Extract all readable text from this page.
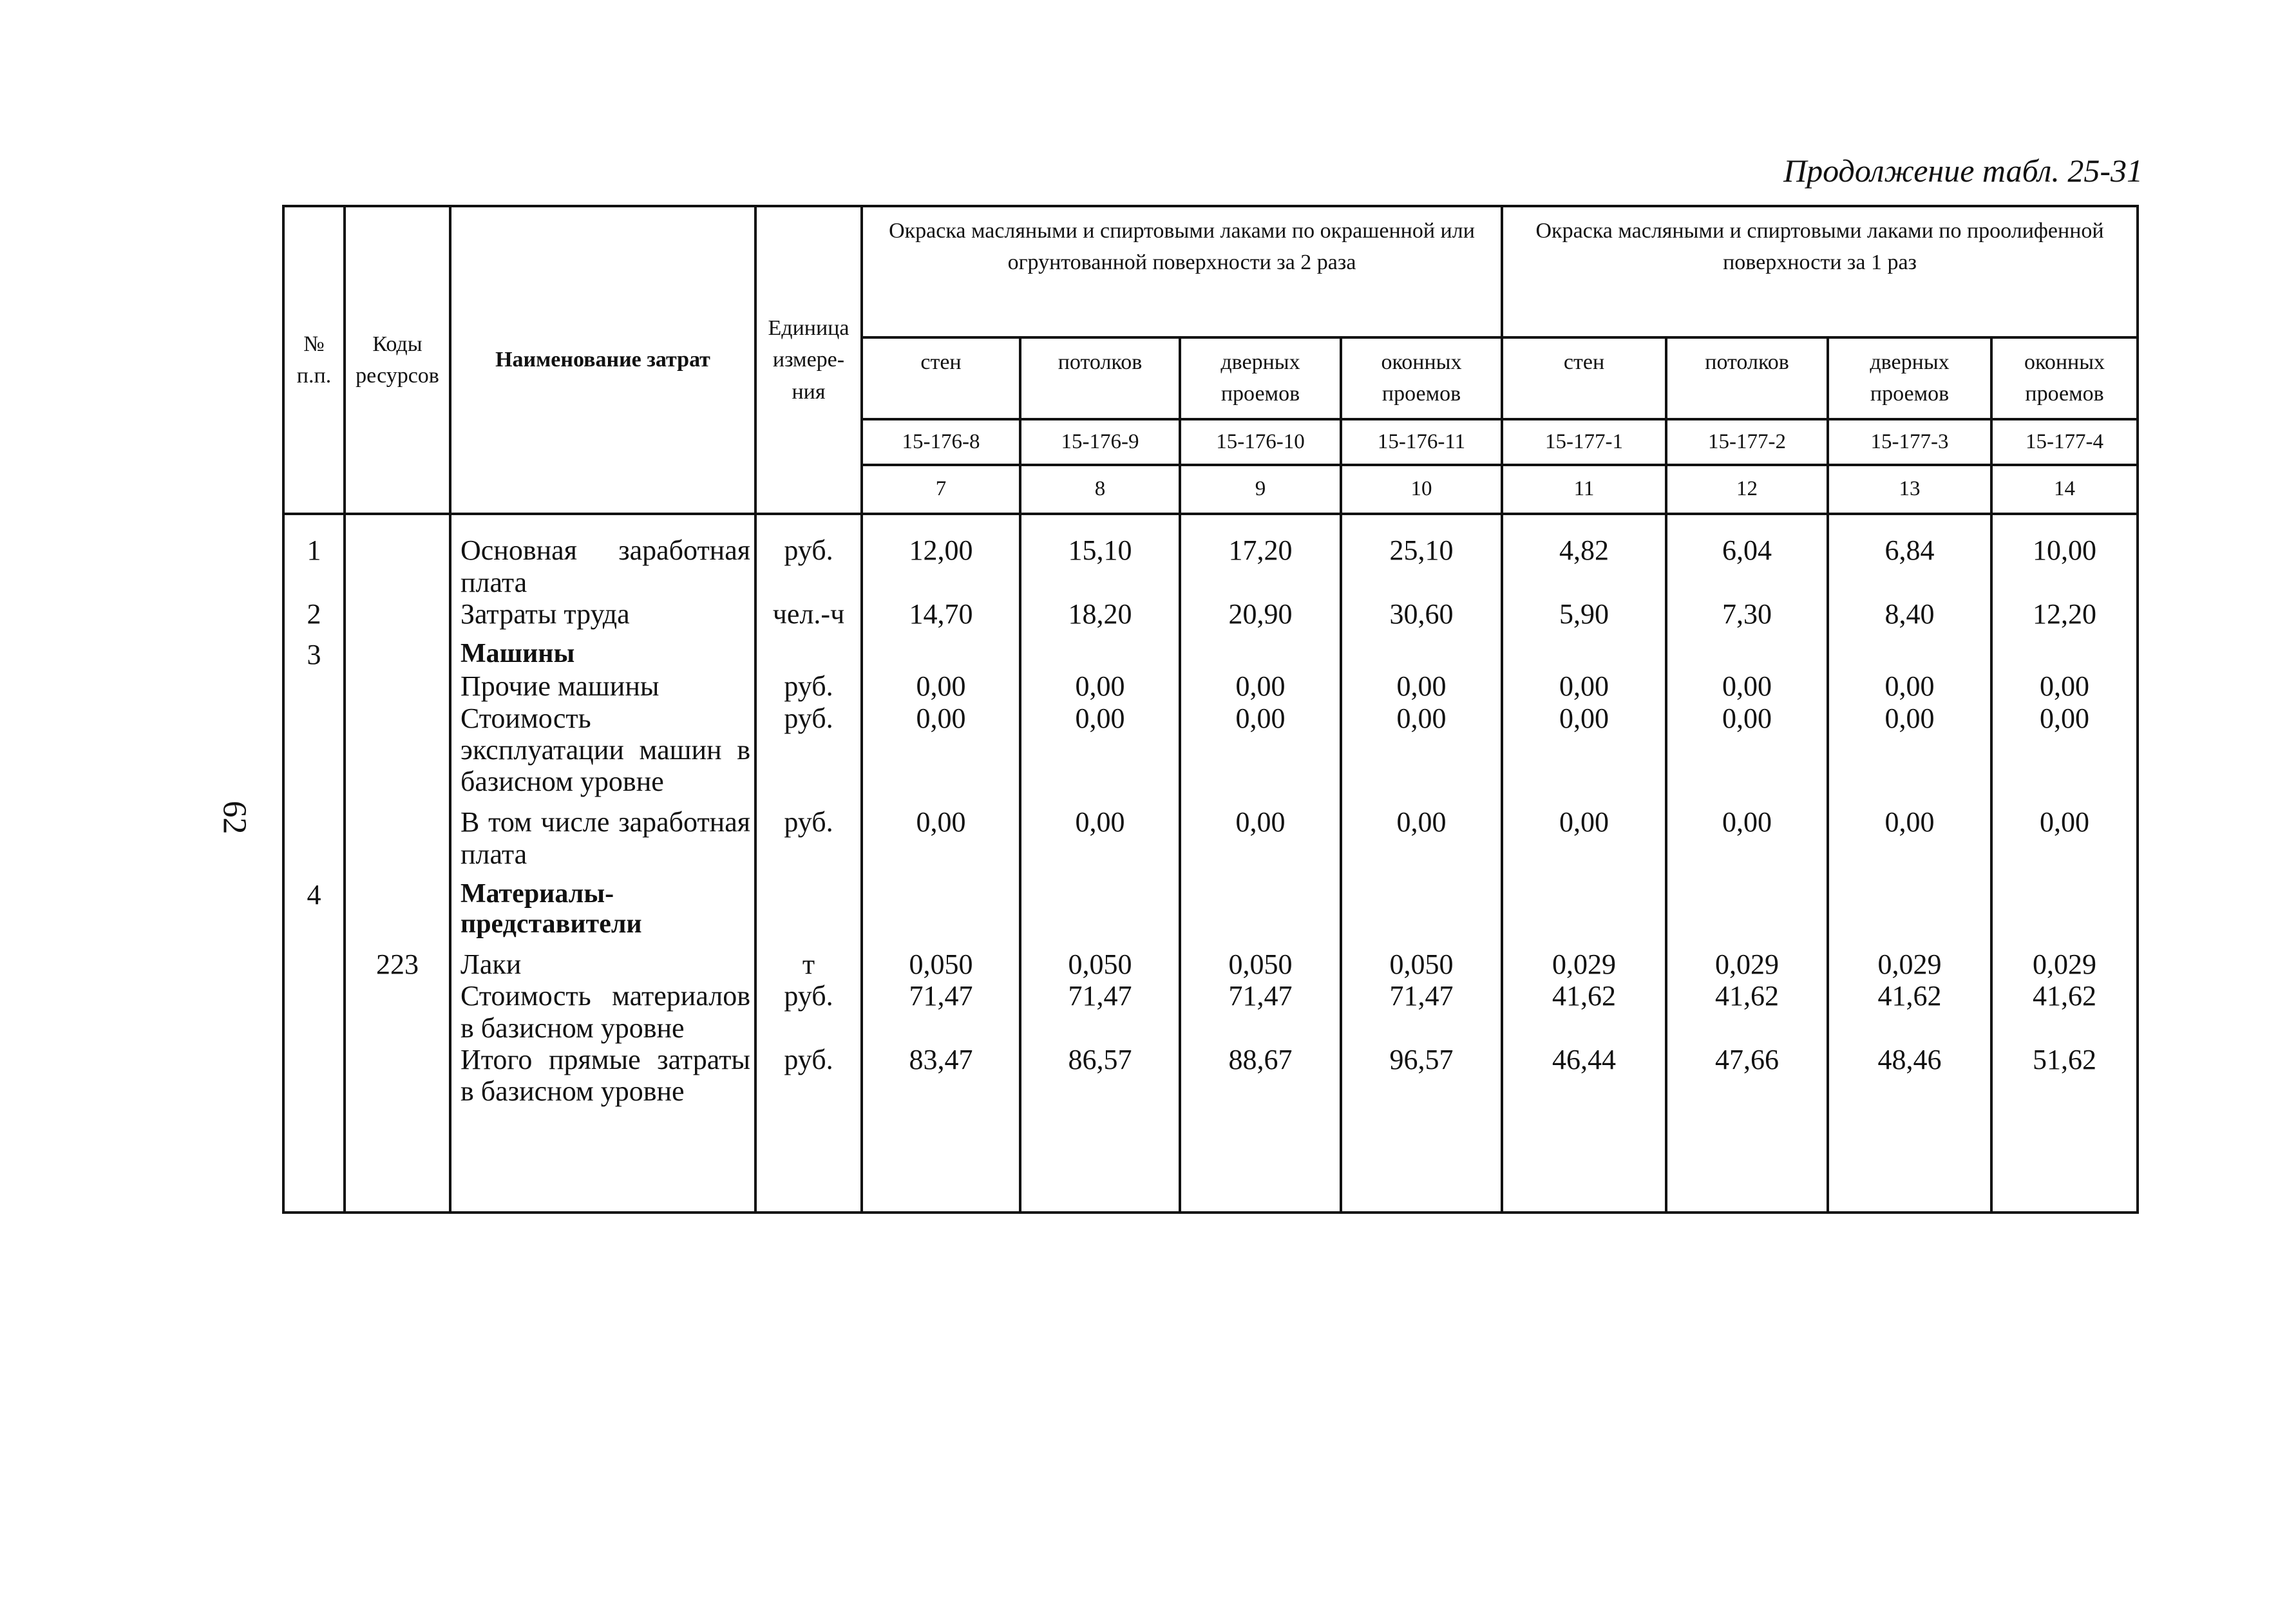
Продолжение табл. 25-31
62
№ п.п.	Коды ресурсов	Наименование затрат	Единица измере-ния	Окраска масляными и спиртовыми лаками по окрашенной или огрунтованной поверхности за 2 раза				Окраска масляными и спиртовыми лаками по проолифенной поверхности за 1 раз			
				стен	потолков	дверных проемов	оконных проемов	стен	потолков	дверных проемов	оконных проемов
				15-176-8	15-176-9	15-176-10	15-176-11	15-177-1	15-177-2	15-177-3	15-177-4
				7	8	9	10	11	12	13	14
1		Основная заработная плата	руб.	12,00	15,10	17,20	25,10	4,82	6,04	6,84	10,00
2		Затраты труда	чел.-ч	14,70	18,20	20,90	30,60	5,90	7,30	8,40	12,20
3		Машины									
		Прочие машины	руб.	0,00	0,00	0,00	0,00	0,00	0,00	0,00	0,00
		Стоимость эксплуатации машин в базисном уровне	руб.	0,00	0,00	0,00	0,00	0,00	0,00	0,00	0,00
		В том числе заработная плата	руб.	0,00	0,00	0,00	0,00	0,00	0,00	0,00	0,00
4		Материалы-представители									
	223	Лаки	т	0,050	0,050	0,050	0,050	0,029	0,029	0,029	0,029
		Стоимость материалов в базисном уровне	руб.	71,47	71,47	71,47	71,47	41,62	41,62	41,62	41,62
		Итого прямые затраты в базисном уровне	руб.	83,47	86,57	88,67	96,57	46,44	47,66	48,46	51,62
